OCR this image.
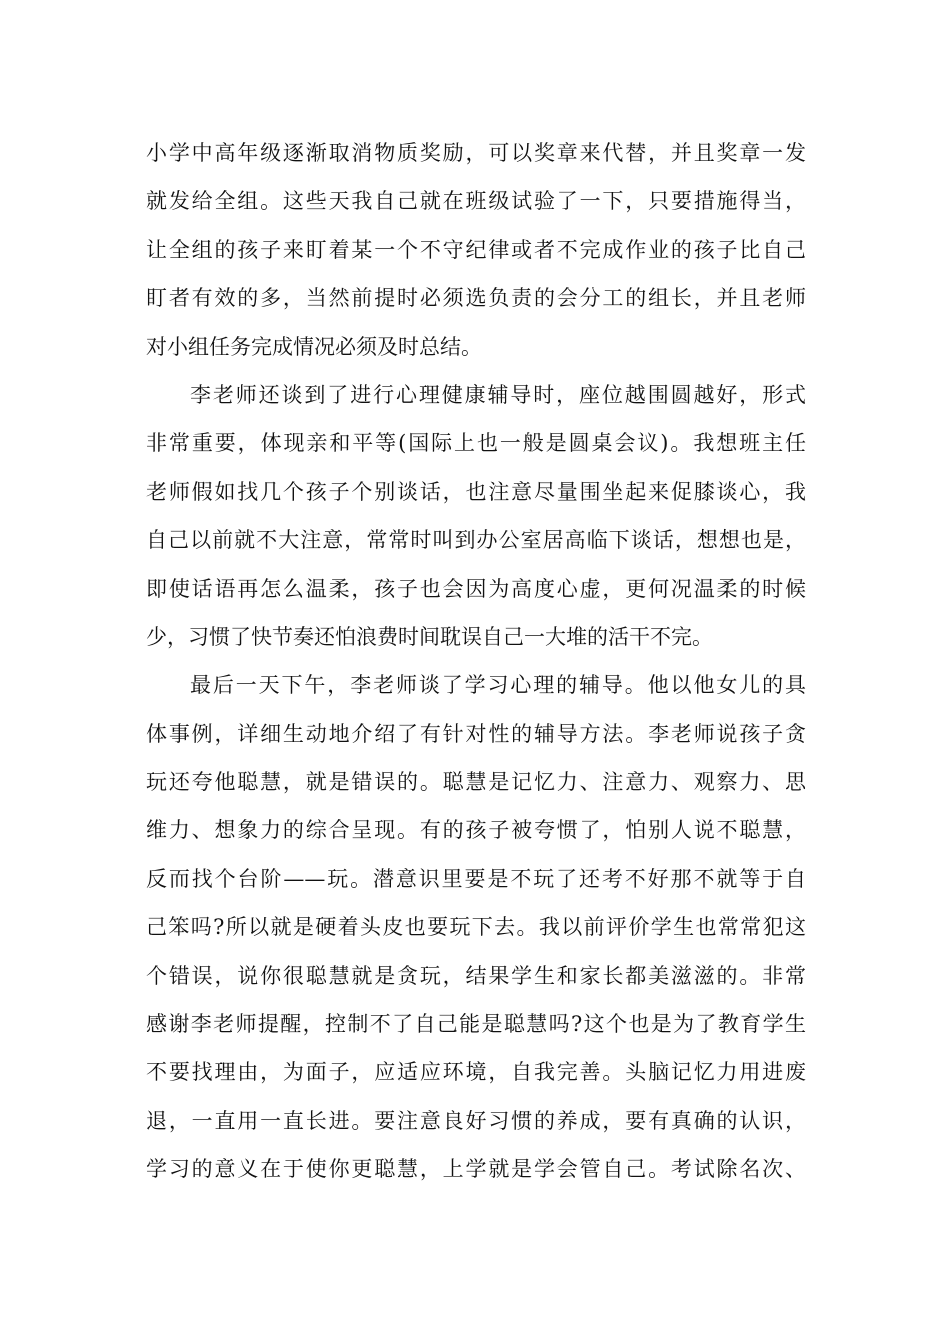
小学中高年级逐渐取消物质奖励，可以奖章来代替，并且奖章一发
就发给全组。这些天我自己就在班级试验了一下，只要措施得当，
让全组的孩子来盯着某一个不守纪律或者不完成作业的孩子比自己
盯者有效的多，当然前提时必须选负责的会分工的组长，并且老师
对小组任务完成情况必须及时总结。
李老师还谈到了进行心理健康辅导时，座位越围圆越好，形式
非常重要，体现亲和平等(国际上也一般是圆桌会议)。我想班主任
老师假如找几个孩子个别谈话，也注意尽量围坐起来促膝谈心，我
自己以前就不大注意，常常时叫到办公室居高临下谈话，想想也是，
即使话语再怎么温柔，孩子也会因为高度心虚，更何况温柔的时候
少，习惯了快节奏还怕浪费时间耽误自己一大堆的活干不完。
最后一天下午，李老师谈了学习心理的辅导。他以他女儿的具
体事例，详细生动地介绍了有针对性的辅导方法。李老师说孩子贪
玩还夸他聪慧，就是错误的。聪慧是记忆力、注意力、观察力、思
维力、想象力的综合呈现。有的孩子被夸惯了，怕别人说不聪慧，
反而找个台阶——玩。潜意识里要是不玩了还考不好那不就等于自
己笨吗?所以就是硬着头皮也要玩下去。我以前评价学生也常常犯这
个错误，说你很聪慧就是贪玩，结果学生和家长都美滋滋的。非常
感谢李老师提醒，控制不了自己能是聪慧吗?这个也是为了教育学生
不要找理由，为面子，应适应环境，自我完善。头脑记忆力用进废
退，一直用一直长进。要注意良好习惯的养成，要有真确的认识，
学习的意义在于使你更聪慧，上学就是学会管自己。考试除名次、
